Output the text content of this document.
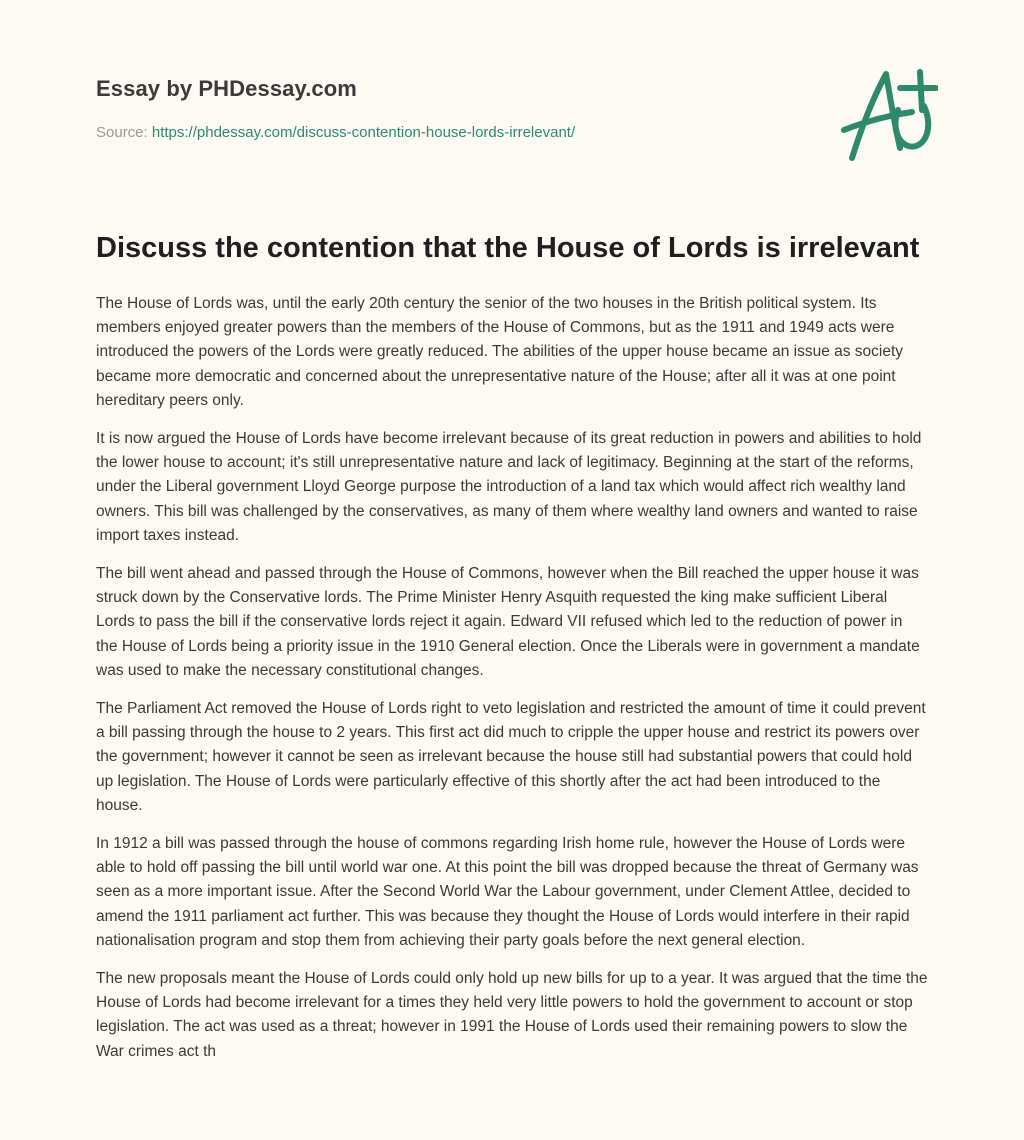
Essay by PHDessay.com
Source: https://phdessay.com/discuss-contention-house-lords-irrelevant/
Discuss the contention that the House of Lords is irrelevant

The House of Lords was, until the early 20th century the senior of the two houses in the British political system. Its members enjoyed greater powers than the members of the House of Commons, but as the 1911 and 1949 acts were introduced the powers of the Lords were greatly reduced. The abilities of the upper house became an issue as society became more democratic and concerned about the unrepresentative nature of the House; after all it was at one point hereditary peers only.

It is now argued the House of Lords have become irrelevant because of its great reduction in powers and abilities to hold the lower house to account; it's still unrepresentative nature and lack of legitimacy. Beginning at the start of the reforms, under the Liberal government Lloyd George purpose the introduction of a land tax which would affect rich wealthy land owners. This bill was challenged by the conservatives, as many of them where wealthy land owners and wanted to raise import taxes instead.

The bill went ahead and passed through the House of Commons, however when the Bill reached the upper house it was struck down by the Conservative lords. The Prime Minister Henry Asquith requested the king make sufficient Liberal Lords to pass the bill if the conservative lords reject it again. Edward VII refused which led to the reduction of power in the House of Lords being a priority issue in the 1910 General election. Once the Liberals were in government a mandate was used to make the necessary constitutional changes.

The Parliament Act removed the House of Lords right to veto legislation and restricted the amount of time it could prevent a bill passing through the house to 2 years. This first act did much to cripple the upper house and restrict its powers over the government; however it cannot be seen as irrelevant because the house still had substantial powers that could hold up legislation. The House of Lords were particularly effective of this shortly after the act had been introduced to the house.

In 1912 a bill was passed through the house of commons regarding Irish home rule, however the House of Lords were able to hold off passing the bill until world war one. At this point the bill was dropped because the threat of Germany was seen as a more important issue. After the Second World War the Labour government, under Clement Attlee, decided to amend the 1911 parliament act further. This was because they thought the House of Lords would interfere in their rapid nationalisation program and stop them from achieving their party goals before the next general election.

The new proposals meant the House of Lords could only hold up new bills for up to a year. It was argued that the time the House of Lords had become irrelevant for a times they held very little powers to hold the government to account or stop legislation. The act was used as a threat; however in 1991 the House of Lords used their remaining powers to slow the War crimes act th
